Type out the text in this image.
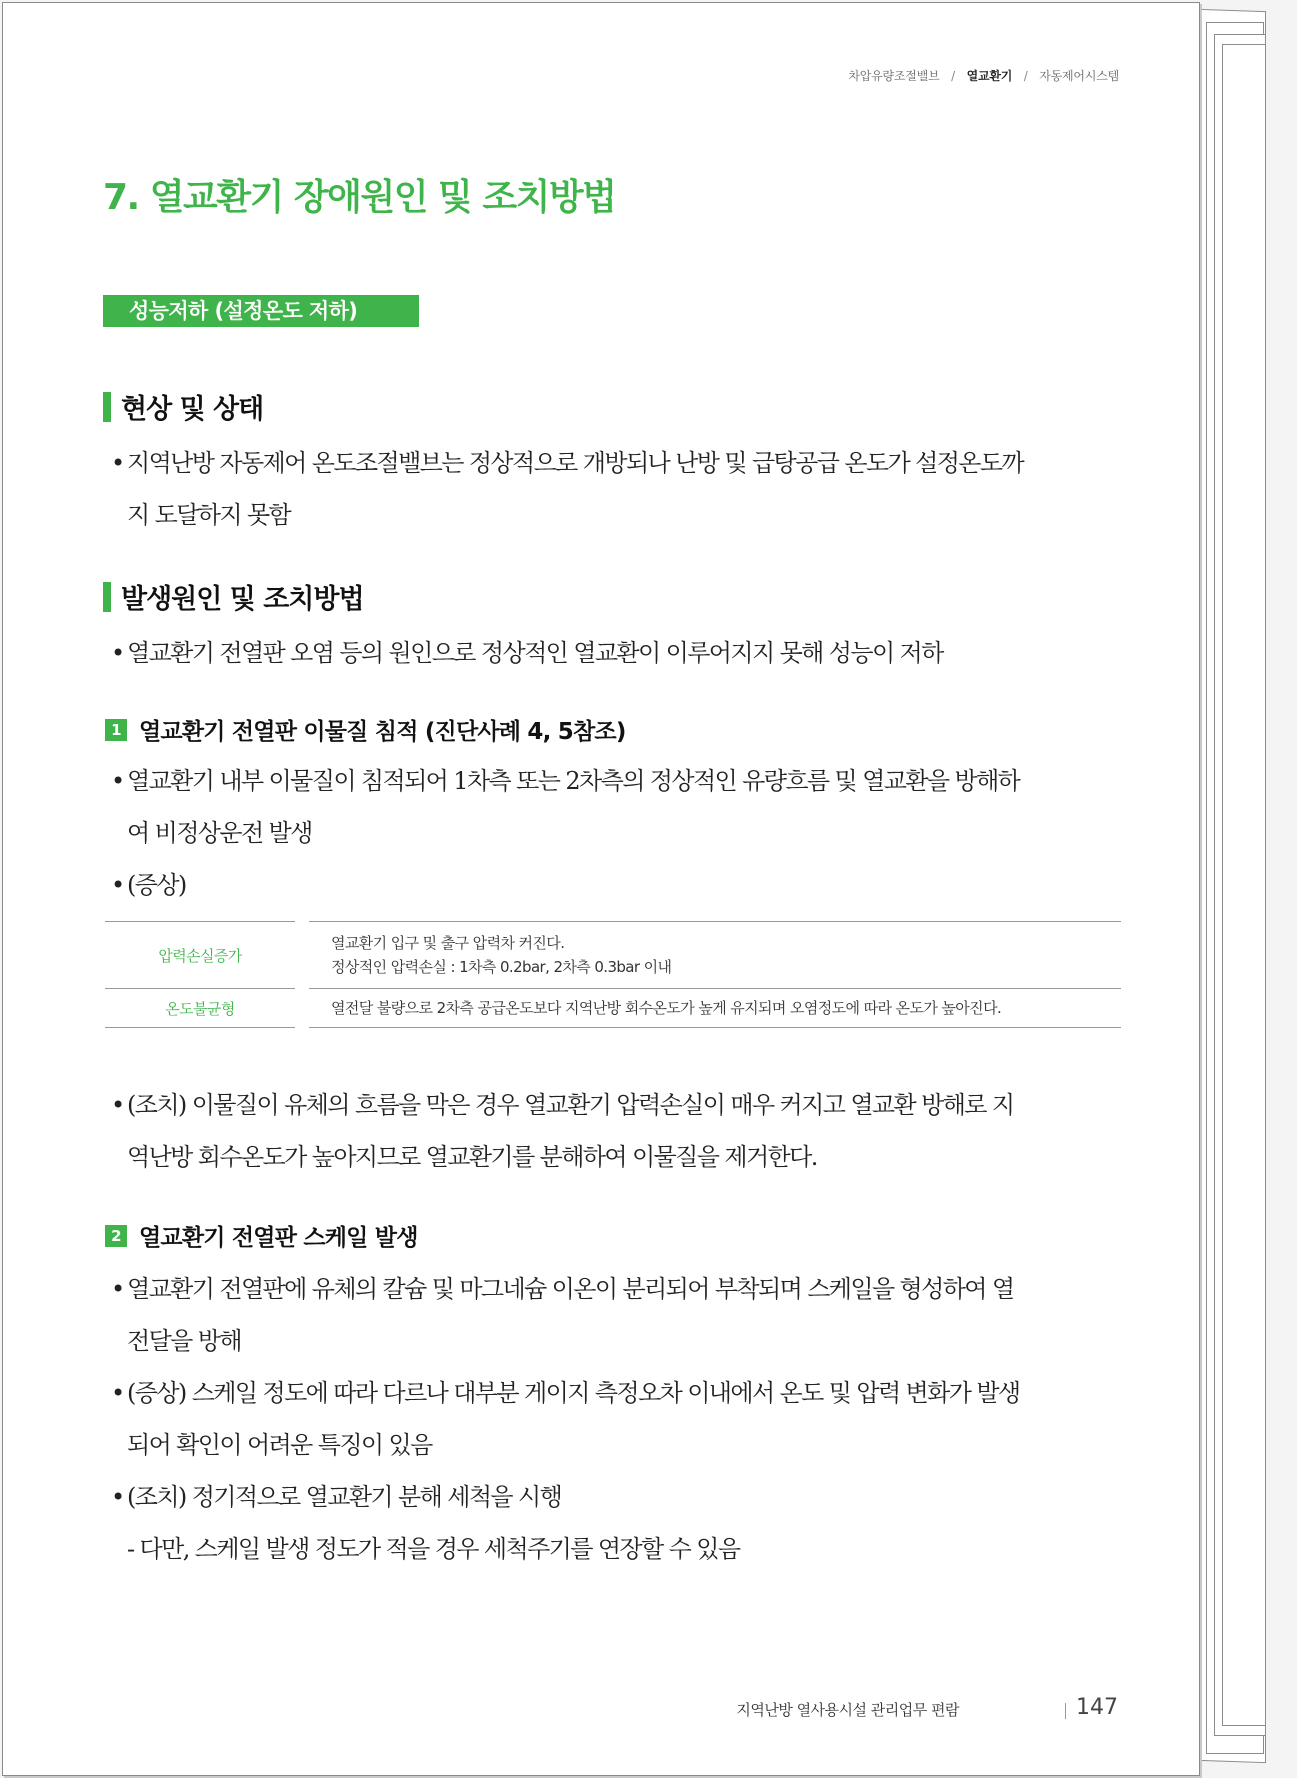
차압유량조절밸브 / 열교환기 / 자동제어시스템
7. 열교환기 장애원인 및 조치방법
성능저하 (설정온도 저하)
현상 및 상태
• 지역난방 자동제어 온도조절밸브는 정상적으로 개방되나 난방 및 급탕공급 온도가 설정온도까
지 도달하지 못함
발생원인 및 조치방법
• 열교환기 전열판 오염 등의 원인으로 정상적인 열교환이 이루어지지 못해 성능이 저하
1 열교환기 전열판 이물질 침적 (진단사례 4, 5참조)
• 열교환기 내부 이물질이 침적되어 1차측 또는 2차측의 정상적인 유량흐름 및 열교환을 방해하
여 비정상운전 발생
• (증상)
압력손실증가		열교환기 입구 및 출구 압력차 커진다.
정상적인 압력손실 : 1차측 0.2bar, 2차측 0.3bar 이내

온도불균형		열전달 불량으로 2차측 공급온도보다 지역난방 회수온도가 높게 유지되며 오염정도에 따라 온도가 높아진다.
• (조치) 이물질이 유체의 흐름을 막은 경우 열교환기 압력손실이 매우 커지고 열교환 방해로 지
역난방 회수온도가 높아지므로 열교환기를 분해하여 이물질을 제거한다.
2 열교환기 전열판 스케일 발생
• 열교환기 전열판에 유체의 칼슘 및 마그네슘 이온이 분리되어 부착되며 스케일을 형성하여 열
전달을 방해
• (증상) 스케일 정도에 따라 다르나 대부분 게이지 측정오차 이내에서 온도 및 압력 변화가 발생
되어 확인이 어려운 특징이 있음
• (조치) 정기적으로 열교환기 분해 세척을 시행
- 다만, 스케일 발생 정도가 적을 경우 세척주기를 연장할 수 있음
지역난방 열사용시설 관리업무 편람	147
